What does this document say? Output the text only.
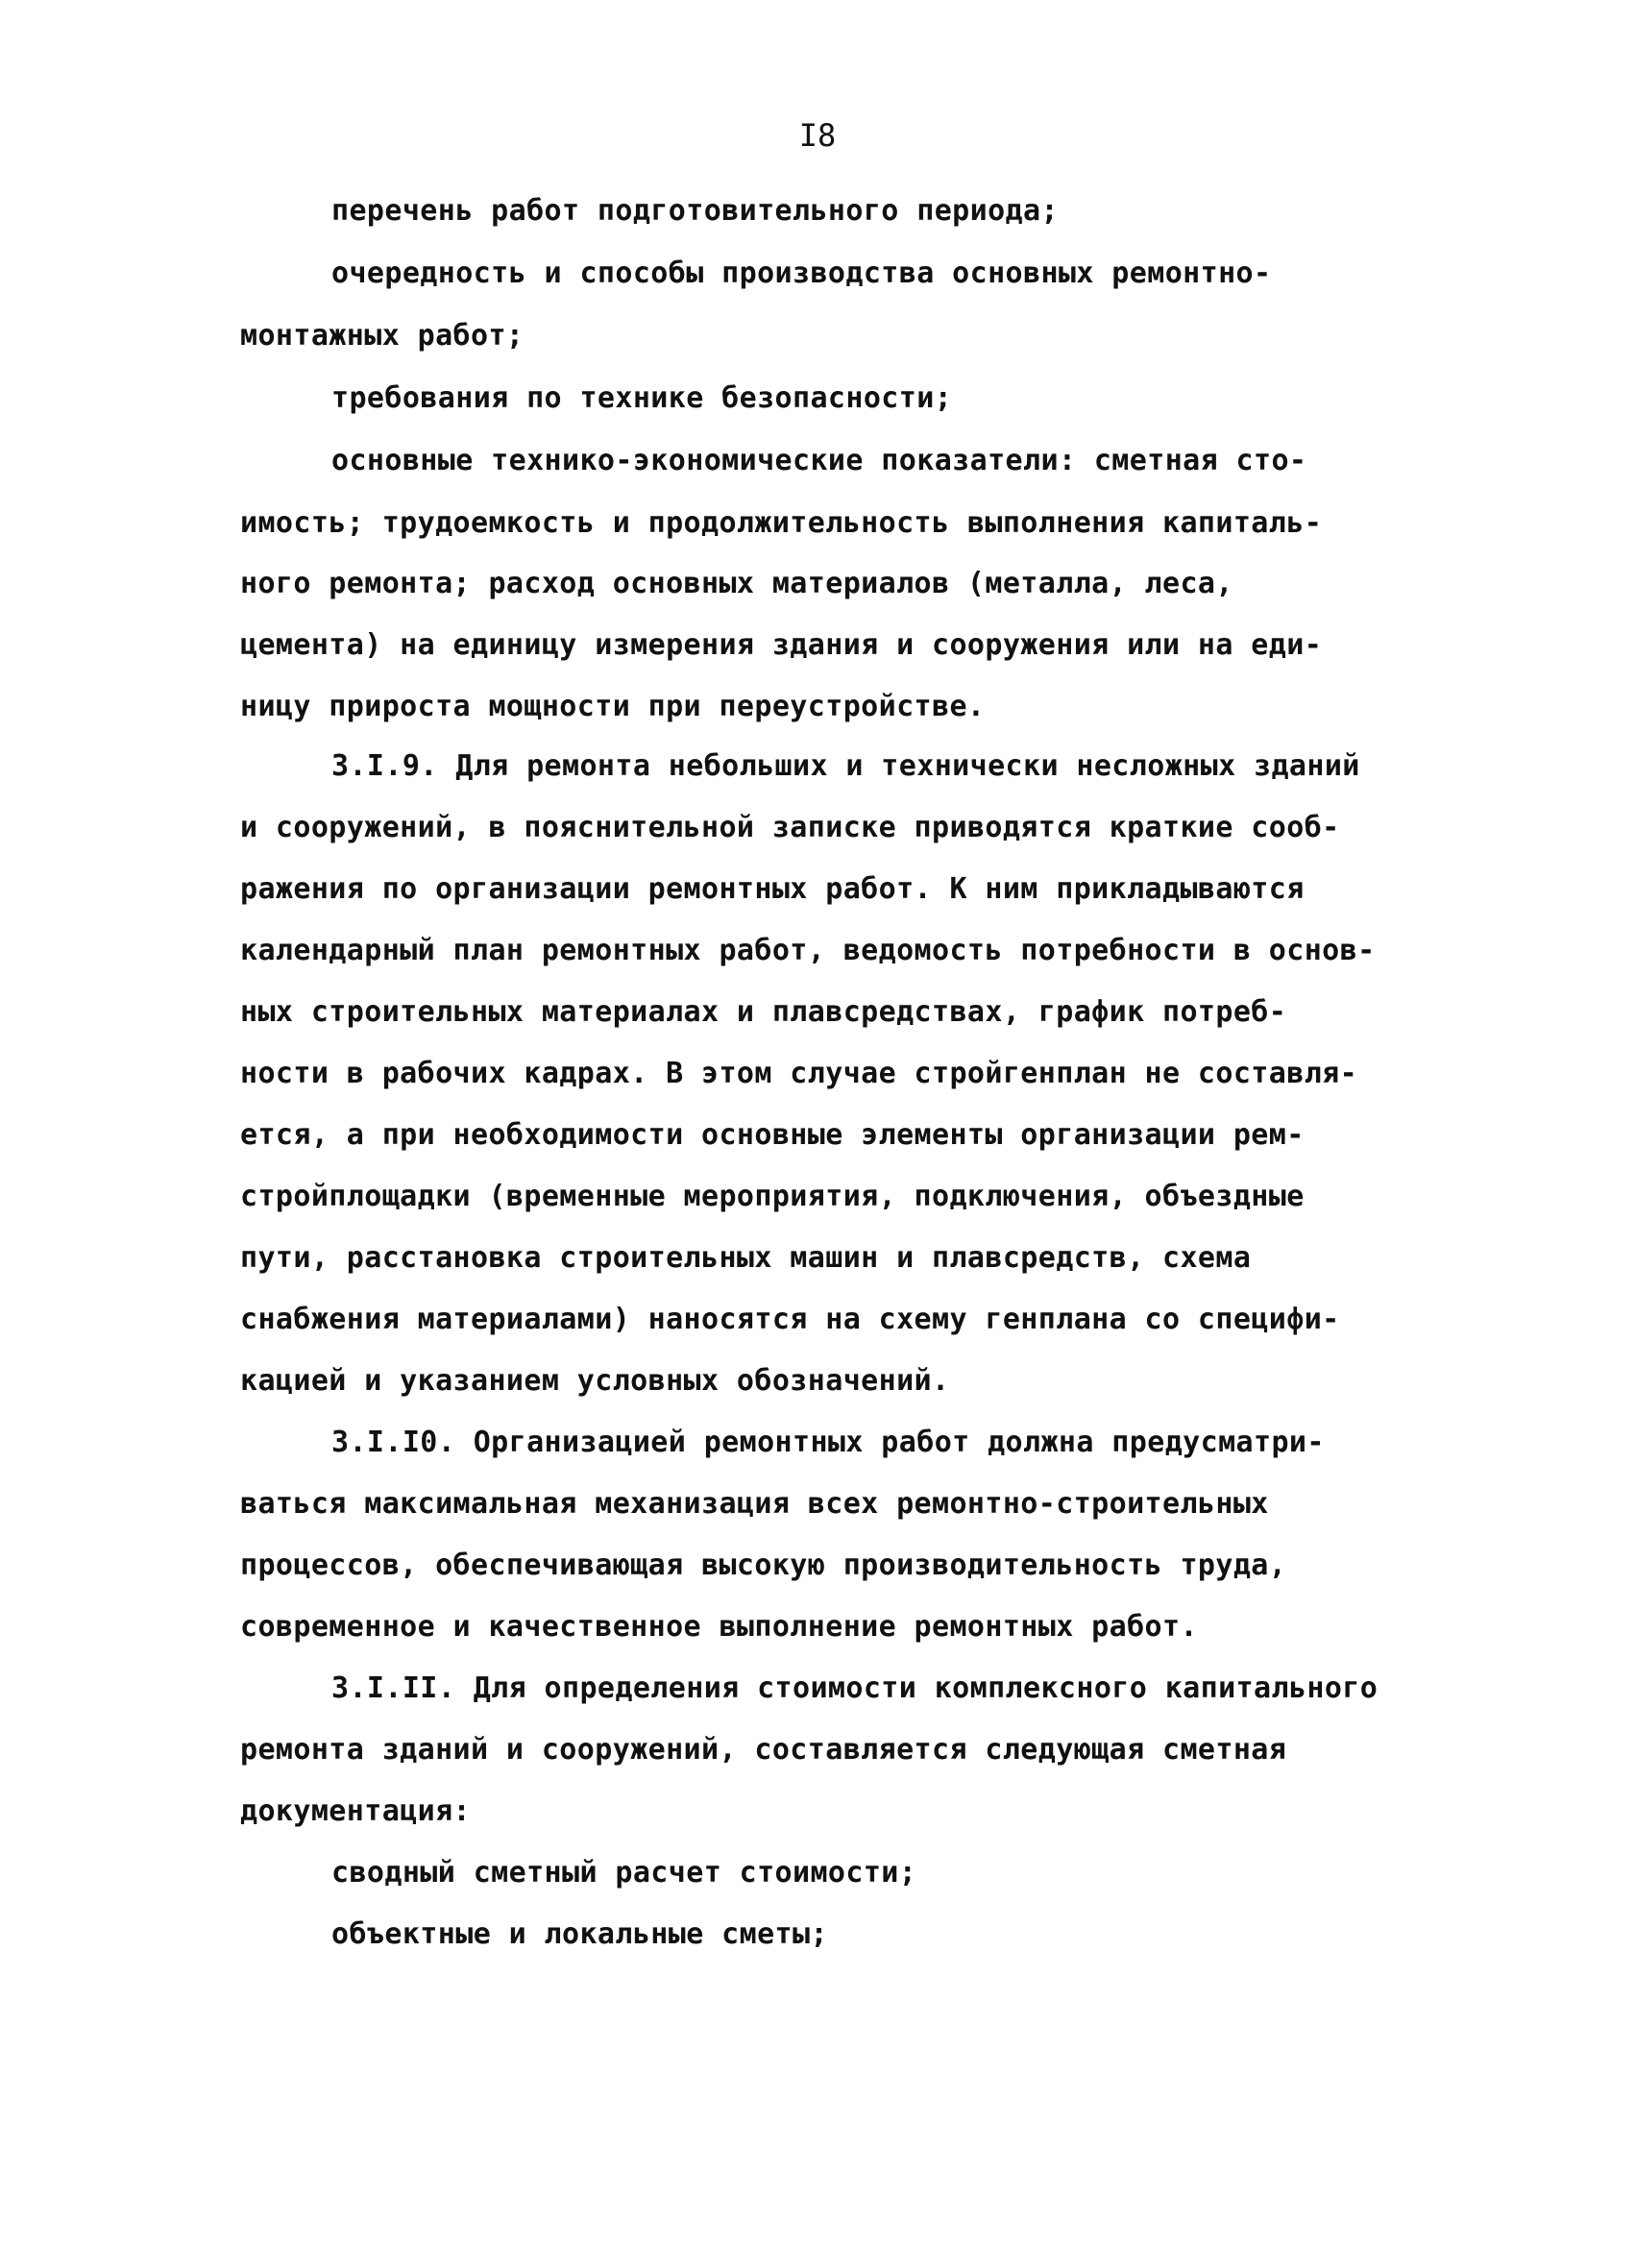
I8
перечень работ подготовительного периода;
очередность и способы производства основных ремонтно-
монтажных работ;
требования по технике безопасности;
основные технико-экономические показатели: сметная сто-
имость; трудоемкость и продолжительность выполнения капиталь-
ного ремонта; расход основных материалов (металла, леса,
цемента) на единицу измерения здания и сооружения или на еди-
ницу прироста мощности при переустройстве.
3.I.9. Для ремонта небольших и технически несложных зданий
и сооружений, в пояснительной записке приводятся краткие сооб-
ражения по организации ремонтных работ. К ним прикладываются
календарный план ремонтных работ, ведомость потребности в основ-
ных строительных материалах и плавсредствах, график потреб-
ности в рабочих кадрах. В этом случае стройгенплан не составля-
ется, а при необходимости основные элементы организации рем-
стройплощадки (временные мероприятия, подключения, объездные
пути, расстановка строительных машин и плавсредств, схема
снабжения материалами) наносятся на схему генплана со специфи-
кацией и указанием условных обозначений.
3.I.I0. Организацией ремонтных работ должна предусматри-
ваться максимальная механизация всех ремонтно-строительных
процессов, обеспечивающая высокую производительность труда,
современное и качественное выполнение ремонтных работ.
3.I.II. Для определения стоимости комплексного капитального
ремонта зданий и сооружений, составляется следующая сметная
документация:
сводный сметный расчет стоимости;
объектные и локальные сметы;
